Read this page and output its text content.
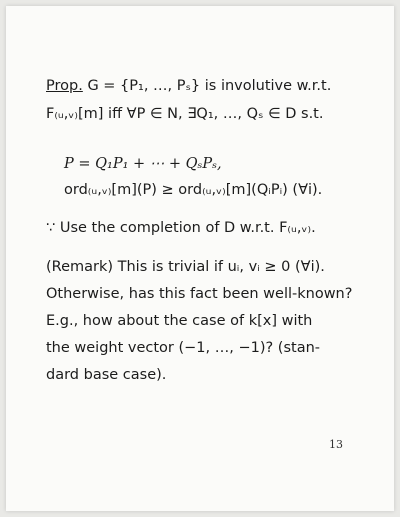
Prop. G = {P₁, …, Pₛ} is involutive w.r.t.
F₍ᵤ,ᵥ₎[m] iff ∀P ∈ N, ∃Q₁, …, Qₛ ∈ D s.t.
P = Q₁P₁ + ⋯ + QₛPₛ,
ord₍ᵤ,ᵥ₎[m](P) ≥ ord₍ᵤ,ᵥ₎[m](QᵢPᵢ) (∀i).
∵ Use the completion of D w.r.t. F₍ᵤ,ᵥ₎.
(Remark) This is trivial if uᵢ, vᵢ ≥ 0 (∀i).
Otherwise, has this fact been well-known?
E.g., how about the case of k[x] with
the weight vector (−1, …, −1)? (stan-
dard base case).
13
